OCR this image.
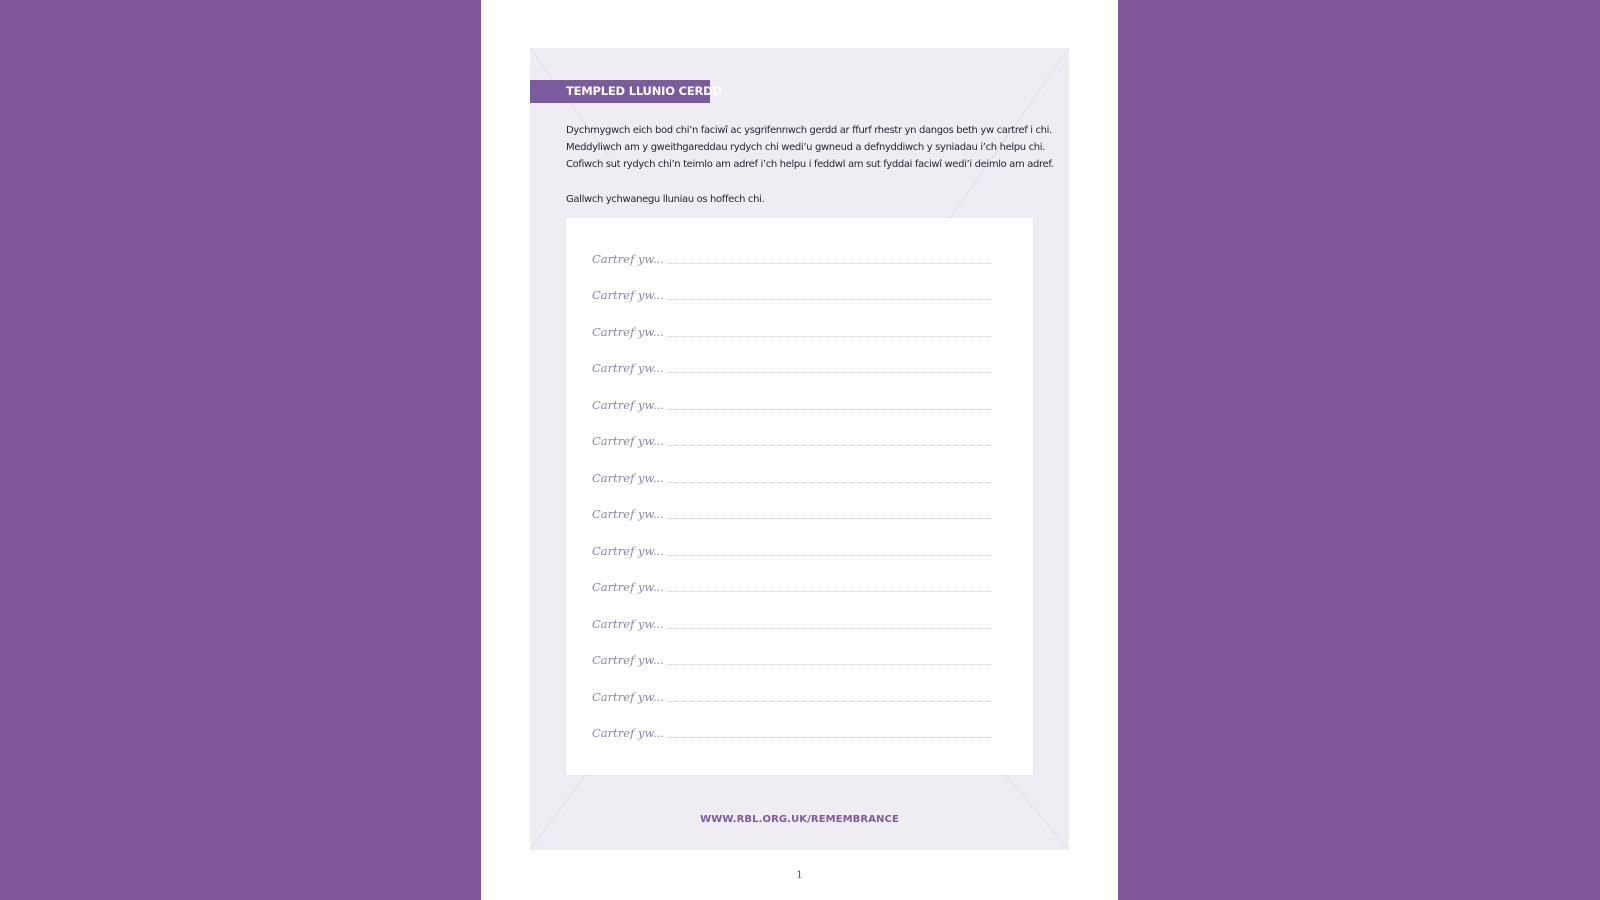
TEMPLED LLUNIO CERDD
Dychmygwch eich bod chi’n faciwî ac ysgrifennwch gerdd ar ffurf rhestr yn dangos beth yw cartref i chi.
Meddyliwch am y gweithgareddau rydych chi wedi’u gwneud a defnyddiwch y syniadau i’ch helpu chi.
Cofiwch sut rydych chi’n teimlo am adref i’ch helpu i feddwl am sut fyddai faciwî wedi’i deimlo am adref.
Gallwch ychwanegu lluniau os hoffech chi.
Cartref yw...
Cartref yw...
Cartref yw...
Cartref yw...
Cartref yw...
Cartref yw...
Cartref yw...
Cartref yw...
Cartref yw...
Cartref yw...
Cartref yw...
Cartref yw...
Cartref yw...
Cartref yw...
WWW.RBL.ORG.UK/REMEMBRANCE
1
